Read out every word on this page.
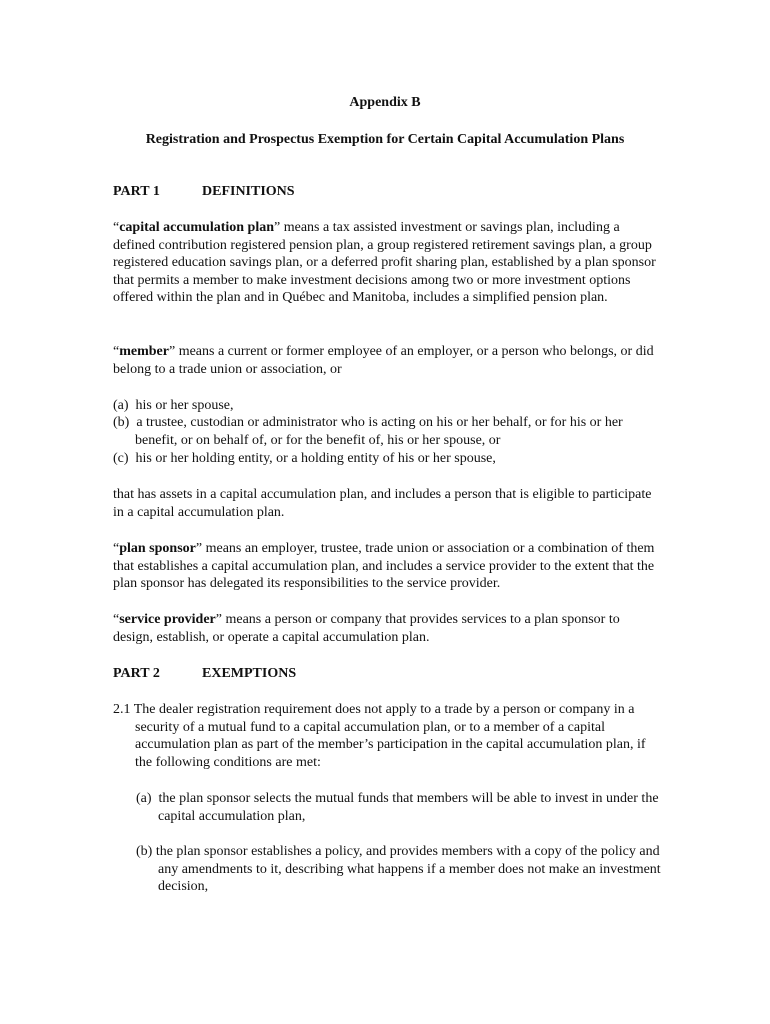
Appendix B
Registration and Prospectus Exemption for Certain Capital Accumulation Plans
PART 1	DEFINITIONS
“capital accumulation plan” means a tax assisted investment or savings plan, including a defined contribution registered pension plan, a group registered retirement savings plan, a group registered education savings plan, or a deferred profit sharing plan, established by a plan sponsor that permits a member to make investment decisions among two or more investment options offered within the plan and in Québec and Manitoba, includes a simplified pension plan.
“member” means a current or former employee of an employer, or a person who belongs, or did belong to a trade union or association, or
(a)  his or her spouse,
(b)  a trustee, custodian or administrator who is acting on his or her behalf, or for his or her benefit, or on behalf of, or for the benefit of, his or her spouse, or
(c)  his or her holding entity, or a holding entity of his or her spouse,
that has assets in a capital accumulation plan, and includes a person that is eligible to participate in a capital accumulation plan.
“plan sponsor” means an employer, trustee, trade union or association or a combination of them that establishes a capital accumulation plan, and includes a service provider to the extent that the plan sponsor has delegated its responsibilities to the service provider.
“service provider” means a person or company that provides services to a plan sponsor to design, establish, or operate a capital accumulation plan.
PART 2	EXEMPTIONS
2.1 The dealer registration requirement does not apply to a trade by a person or company in a security of a mutual fund to a capital accumulation plan, or to a member of a capital accumulation plan as part of the member’s participation in the capital accumulation plan, if the following conditions are met:
(a)  the plan sponsor selects the mutual funds that members will be able to invest in under the capital accumulation plan,
(b) the plan sponsor establishes a policy, and provides members with a copy of the policy and any amendments to it, describing what happens if a member does not make an investment decision,
